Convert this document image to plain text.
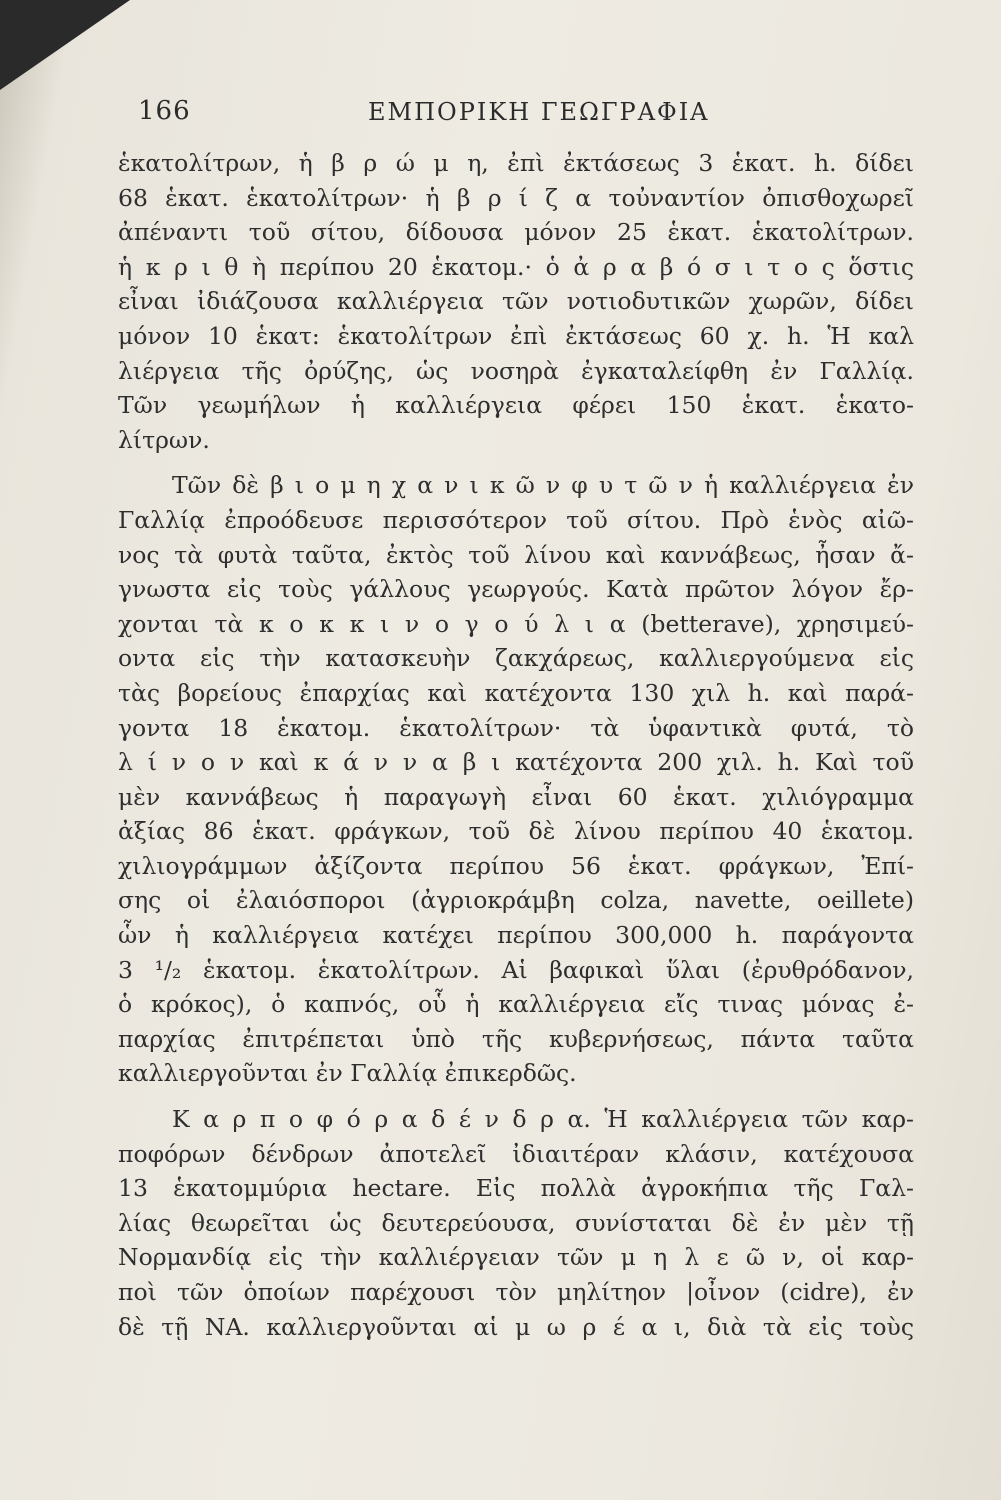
166	ΕΜΠΟΡΙΚΗ ΓΕΩΓΡΑΦΙΑ
ἑκατολίτρων, ἡ β ρ ώ μ η, ἐπὶ ἐκτάσεως 3 ἑκατ. h. δίδει
68 ἑκατ. ἑκατολίτρων· ἡ β ρ ί ζ α τοὐναντίον ὀπισθοχωρεῖ
ἀπέναντι τοῦ σίτου, δίδουσα μόνον 25 ἑκατ. ἑκατολίτρων.
ἡ κ ρ ι θ ὴ περίπου 20 ἑκατομ.· ὁ ἀ ρ α β ό σ ι τ ο ς ὅστις
εἶναι ἰδιάζουσα καλλιέργεια τῶν νοτιοδυτικῶν χωρῶν, δίδει
μόνον 10 ἑκατ: ἑκατολίτρων ἐπὶ ἐκτάσεως 60 χ. h. Ἡ καλ
λιέργεια τῆς ὀρύζης, ὡς νοσηρὰ ἐγκαταλείφθη ἐν Γαλλίᾳ.
Τῶν γεωμήλων ἡ καλλιέργεια φέρει 150 ἑκατ. ἑκατο-
λίτρων.
Τῶν δὲ β ι ο μ η χ α ν ι κ ῶ ν φ υ τ ῶ ν ἡ καλλιέργεια ἐν
Γαλλίᾳ ἐπροόδευσε περισσότερον τοῦ σίτου. Πρὸ ἑνὸς αἰῶ-
νος τὰ φυτὰ ταῦτα, ἐκτὸς τοῦ λίνου καὶ καννάβεως, ἦσαν ἄ-
γνωστα εἰς τοὺς γάλλους γεωργούς. Κατὰ πρῶτον λόγον ἔρ-
χονται τὰ κ ο κ κ ι ν ο γ ο ύ λ ι α (betterave), χρησιμεύ-
οντα εἰς τὴν κατασκευὴν ζακχάρεως, καλλιεργούμενα εἰς
τὰς βορείους ἐπαρχίας καὶ κατέχοντα 130 χιλ h. καὶ παρά-
γοντα 18 ἑκατομ. ἑκατολίτρων· τὰ ὑφαντικὰ φυτά, τὸ
λ ί ν ο ν καὶ κ ά ν ν α β ι κατέχοντα 200 χιλ. h. Καὶ τοῦ
μὲν καννάβεως ἡ παραγωγὴ εἶναι 60 ἑκατ. χιλιόγραμμα
ἀξίας 86 ἑκατ. φράγκων, τοῦ δὲ λίνου περίπου 40 ἑκατομ.
χιλιογράμμων ἀξίζοντα περίπου 56 ἑκατ. φράγκων, Ἐπί-
σης οἱ ἐλαιόσποροι (ἀγριοκράμβη colza, navette, oeillete)
ὧν ἡ καλλιέργεια κατέχει περίπου 300,000 h. παράγοντα
3 ¹/₂ ἑκατομ. ἑκατολίτρων. Αἱ βαφικαὶ ὕλαι (ἐρυθρόδανον,
ὁ κρόκος), ὁ καπνός, οὗ ἡ καλλιέργεια εἴς τινας μόνας ἐ-
παρχίας ἐπιτρέπεται ὑπὸ τῆς κυβερνήσεως, πάντα ταῦτα
καλλιεργοῦνται ἐν Γαλλίᾳ ἐπικερδῶς.
Κ α ρ π ο φ ό ρ α δ έ ν δ ρ α. Ἡ καλλιέργεια τῶν καρ-
ποφόρων δένδρων ἀποτελεῖ ἰδιαιτέραν κλάσιν, κατέχουσα
13 ἑκατομμύρια hectare. Εἰς πολλὰ ἀγροκήπια τῆς Γαλ-
λίας θεωρεῖται ὡς δευτερεύουσα, συνίσταται δὲ ἐν μὲν τῇ
Νορμανδίᾳ εἰς τὴν καλλιέργειαν τῶν μ η λ ε ῶ ν, οἱ καρ-
ποὶ τῶν ὁποίων παρέχουσι τὸν μηλίτηον |οἶνον (cidre), ἐν
δὲ τῇ ΝΑ. καλλιεργοῦνται αἱ μ ω ρ έ α ι, διὰ τὰ εἰς τοὺς
